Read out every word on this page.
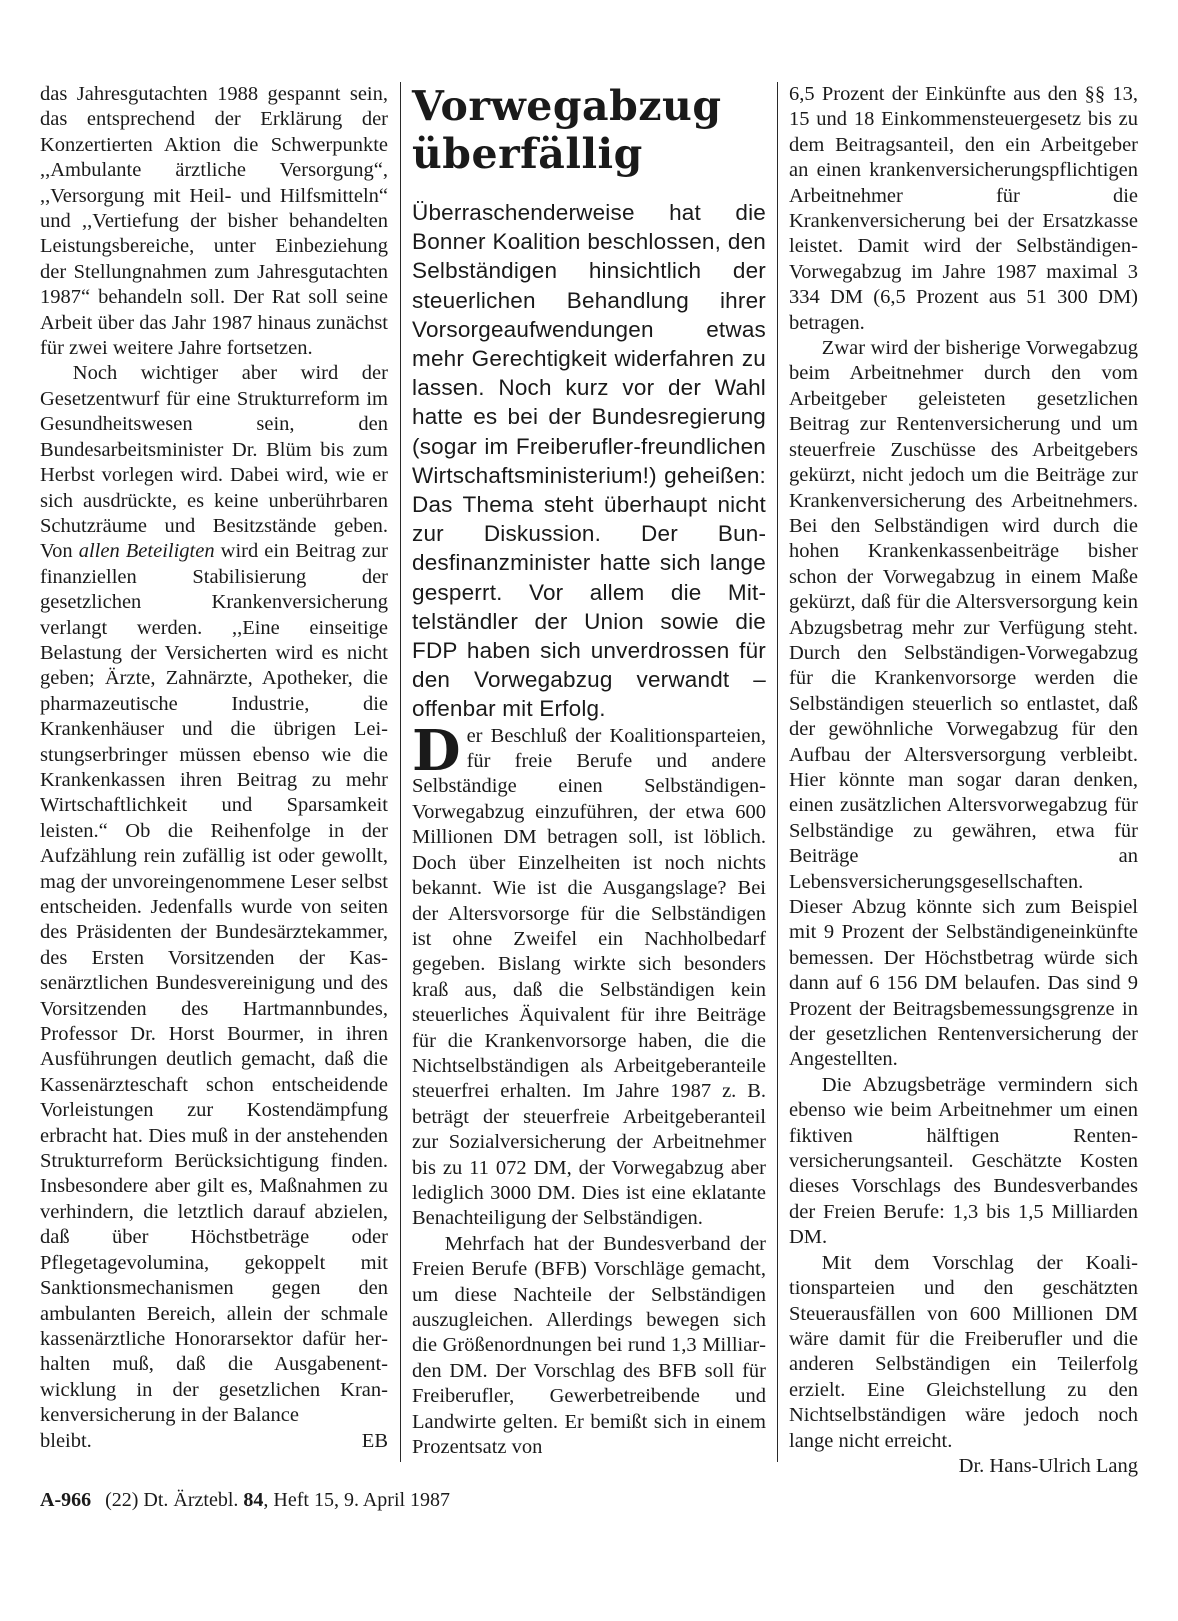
das Jahresgutachten 1988 gespannt sein, das entsprechend der Erklärung der Konzertierten Aktion die Schwerpunkte ,,Ambulante ärztliche Versorgung“, ,,Versorgung mit Heil- und Hilfsmitteln“ und ,,Vertiefung der bisher behandelten Leistungsbereiche, unter Einbeziehung der Stellungnahmen zum Jahresgutachten 1987“ behandeln soll. Der Rat soll seine Arbeit über das Jahr 1987 hinaus zunächst für zwei weitere Jahre fortsetzen.

Noch wichtiger aber wird der Gesetzentwurf für eine Strukturreform im Gesundheitswesen sein, den Bundesarbeitsminister Dr. Blüm bis zum Herbst vorlegen wird. Dabei wird, wie er sich ausdrückte, es keine unberührbaren Schutzräume und Besitzstände geben. Von allen Beteiligten wird ein Beitrag zur finanziellen Stabilisierung der gesetzlichen Krankenversicherung verlangt werden. ,,Eine einseitige Belastung der Versicherten wird es nicht geben; Ärzte, Zahnärzte, Apotheker, die pharmazeutische Industrie, die Krankenhäuser und die übrigen Leistungserbringer müssen ebenso wie die Krankenkassen ihren Beitrag zu mehr Wirtschaftlichkeit und Sparsamkeit leisten.“ Ob die Reihenfolge in der Aufzählung rein zufällig ist oder gewollt, mag der unvoreingenommene Leser selbst entscheiden. Jedenfalls wurde von seiten des Präsidenten der Bundesärztekammer, des Ersten Vorsitzenden der Kassenärztlichen Bundesvereinigung und des Vorsitzenden des Hartmannbundes, Professor Dr. Horst Bourmer, in ihren Ausführungen deutlich gemacht, daß die Kassenärzteschaft schon entscheidende Vorleistungen zur Kostendämpfung erbracht hat. Dies muß in der anstehenden Strukturreform Berücksichtigung finden. Insbesondere aber gilt es, Maßnahmen zu verhindern, die letztlich darauf abzielen, daß über Höchstbeträge oder Pflegetagevolumina, gekoppelt mit Sanktionsmechanismen gegen den ambulanten Bereich, allein der schmale kassenärztliche Honorarsektor dafür herhalten muß, daß die Ausgabenentwicklung in der gesetzlichen Krankenversicherung in der Balance

bleibt.	EB
Vorwegabzug
überfällig

Überraschenderweise hat die Bonner Koalition beschlossen, den Selbständigen hinsichtlich der steuerlichen Behandlung ihrer Vorsorgeaufwendungen etwas mehr Gerechtigkeit widerfahren zu lassen. Noch kurz vor der Wahl hatte es bei der Bundesregierung (sogar im Freiberufler-freundlichen Wirtschaftsministerium!) geheißen: Das Thema steht überhaupt nicht zur Diskussion. Der Bundesfinanzminister hatte sich lange gesperrt. Vor allem die Mittelständler der Union sowie die FDP haben sich unverdrossen für den Vorwegabzug verwandt – offenbar mit Erfolg.

Der Beschluß der Koalitionsparteien, für freie Berufe und andere Selbständige einen Selbständigen-Vorwegabzug einzuführen, der etwa 600 Millionen DM betragen soll, ist löblich. Doch über Einzelheiten ist noch nichts bekannt. Wie ist die Ausgangslage? Bei der Altersvorsorge für die Selbständigen ist ohne Zweifel ein Nachholbedarf gegeben. Bislang wirkte sich besonders kraß aus, daß die Selbständigen kein steuerliches Äquivalent für ihre Beiträge für die Krankenvorsorge haben, die die Nichtselbständigen als Arbeitgeberanteile steuerfrei erhalten. Im Jahre 1987 z. B. beträgt der steuerfreie Arbeitgeberanteil zur Sozialversicherung der Arbeitnehmer bis zu 11 072 DM, der Vorwegabzug aber lediglich 3000 DM. Dies ist eine eklatante Benachteiligung der Selbständigen.

Mehrfach hat der Bundesverband der Freien Berufe (BFB) Vorschläge gemacht, um diese Nachteile der Selbständigen auszugleichen. Allerdings bewegen sich die Größenordnungen bei rund 1,3 Milliarden DM. Der Vorschlag des BFB soll für Freiberufler, Gewerbetreibende und Landwirte gelten. Er bemißt sich in einem Prozentsatz von

6,5 Prozent der Einkünfte aus den §§ 13, 15 und 18 Einkommensteuergesetz bis zu dem Beitragsanteil, den ein Arbeitgeber an einen krankenversicherungspflichtigen Arbeitnehmer für die Krankenversicherung bei der Ersatzkasse leistet. Damit wird der Selbständigen-Vorwegabzug im Jahre 1987 maximal 3 334 DM (6,5 Prozent aus 51 300 DM) betragen.

Zwar wird der bisherige Vorwegabzug beim Arbeitnehmer durch den vom Arbeitgeber geleisteten gesetzlichen Beitrag zur Rentenversicherung und um steuerfreie Zuschüsse des Arbeitgebers gekürzt, nicht jedoch um die Beiträge zur Krankenversicherung des Arbeitnehmers. Bei den Selbständigen wird durch die hohen Krankenkassenbeiträge bisher schon der Vorwegabzug in einem Maße gekürzt, daß für die Altersversorgung kein Abzugsbetrag mehr zur Verfügung steht. Durch den Selbständigen-Vorwegabzug für die Krankenvorsorge werden die Selbständigen steuerlich so entlastet, daß der gewöhnliche Vorwegabzug für den Aufbau der Altersversorgung verbleibt. Hier könnte man sogar daran denken, einen zusätzlichen Altersvorwegabzug für Selbständige zu gewähren, etwa für Beiträge an Lebensversicherungsgesellschaften. Dieser Abzug könnte sich zum Beispiel mit 9 Prozent der Selbständigeneinkünfte bemessen. Der Höchstbetrag würde sich dann auf 6 156 DM belaufen. Das sind 9 Prozent der Beitragsbemessungsgrenze in der gesetzlichen Rentenversicherung der Angestellten.

Die Abzugsbeträge vermindern sich ebenso wie beim Arbeitnehmer um einen fiktiven hälftigen Rentenversicherungsanteil. Geschätzte Kosten dieses Vorschlags des Bundesverbandes der Freien Berufe: 1,3 bis 1,5 Milliarden DM.

Mit dem Vorschlag der Koalitionsparteien und den geschätzten Steuerausfällen von 600 Millionen DM wäre damit für die Freiberufler und die anderen Selbständigen ein Teilerfolg erzielt. Eine Gleichstellung zu den Nichtselbständigen wäre jedoch noch lange nicht erreicht.

Dr. Hans-Ulrich Lang

A-966 (22) Dt. Ärztebl. 84, Heft 15, 9. April 1987
